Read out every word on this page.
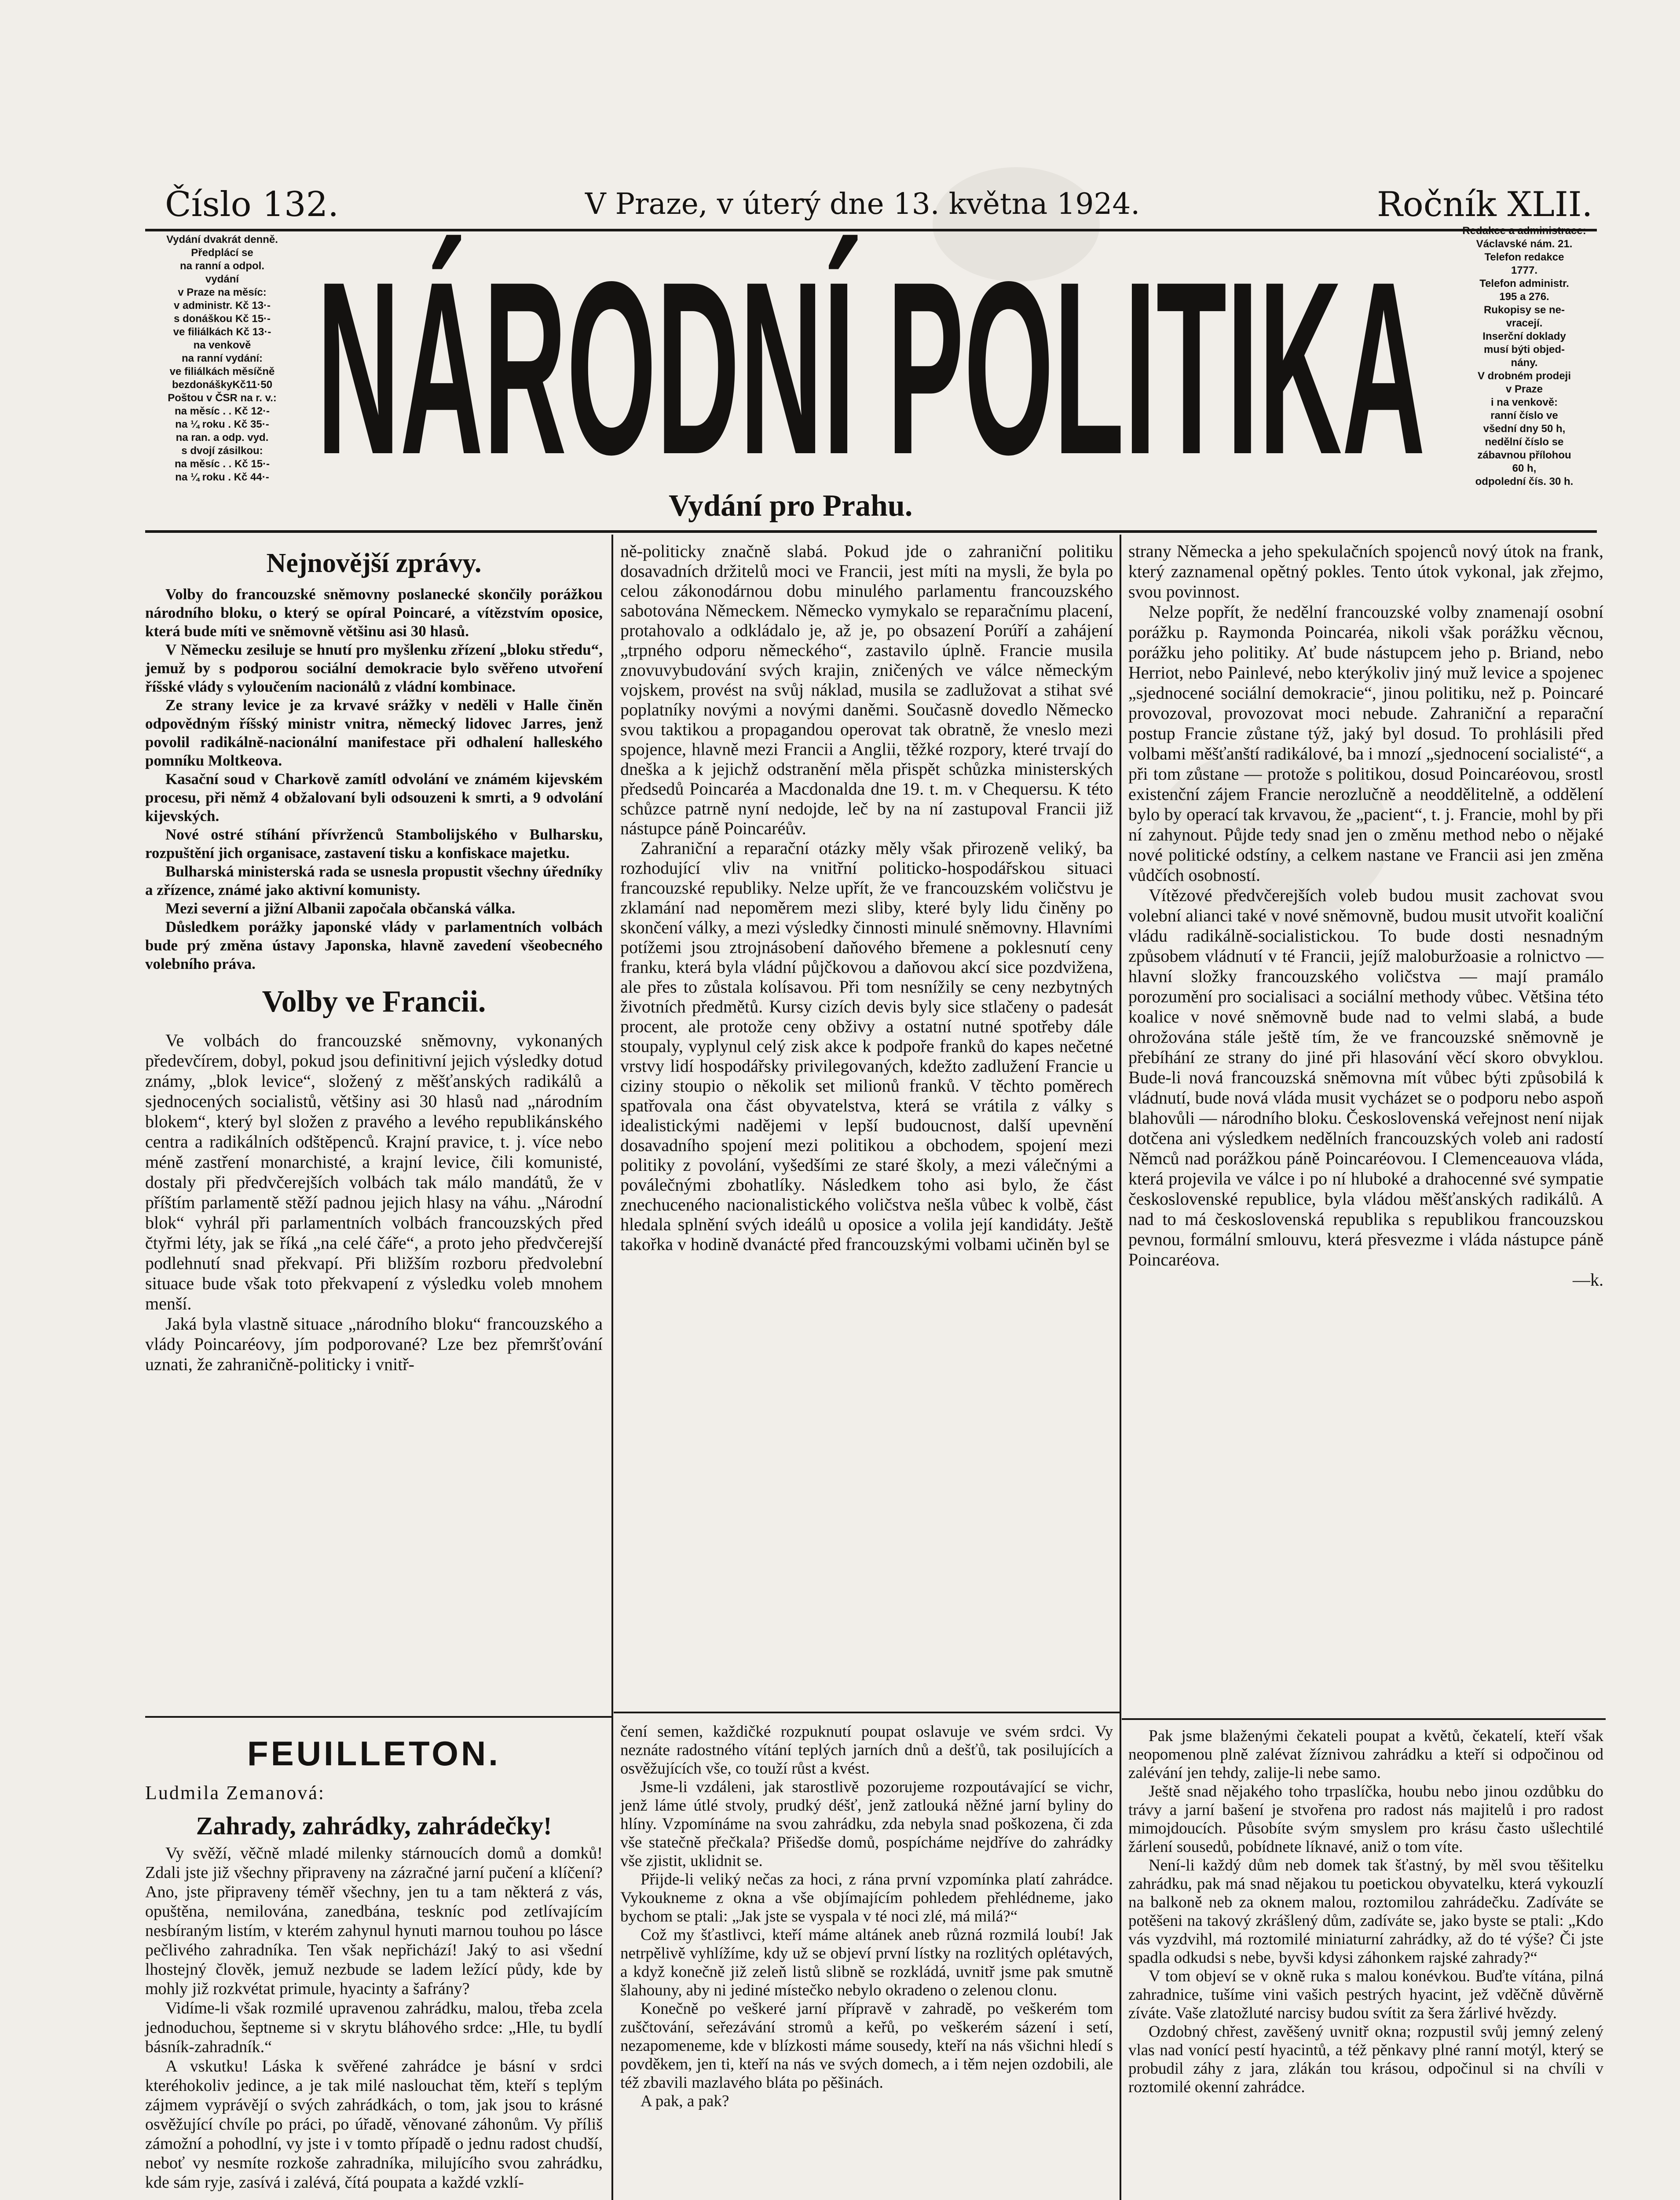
Číslo 132.	V Praze, v úterý dne 13. května 1924.	Ročník XLII.
Vydání dvakrát denně.
Předplácí se
na ranní a odpol.
vydání
v Praze na měsíc:
v administr. Kč 13·-
s donáškou Kč 15·-
ve filiálkách Kč 13·-
na venkově
na ranní vydání:
ve filiálkách měsíčně
bezdonáškyKč11·50
Poštou v ČSR na r. v.:
na měsíc . . Kč 12·-
na ¼ roku . Kč 35·-
na ran. a odp. vyd.
s dvojí zásilkou:
na měsíc . . Kč 15·-
na ¼ roku . Kč 44·- NÁRODNÍ POLITIKA
Vydání pro Prahu.
Redakce a administrace:
Václavské nám. 21.
Telefon redakce
1777.
Telefon administr.
195 a 276.
Rukopisy se ne-
vracejí.
Inserční doklady
musí býti objed-
nány.
V drobném prodeji
v Praze
i na venkově:
ranní číslo ve
všední dny 50 h,
nedělní číslo se
zábavnou přílohou
60 h,
odpolední čís. 30 h.
Nejnovější zprávy.

Volby do francouzské sněmovny poslanecké skončily porážkou národního bloku, o který se opíral Poincaré, a vítězstvím oposice, která bude míti ve sněmovně většinu asi 30 hlasů.

V Německu zesiluje se hnutí pro myšlenku zřízení „bloku středu“, jemuž by s podporou sociální demokracie bylo svěřeno utvoření říšské vlády s vyloučením nacionálů z vládní kombinace.

Ze strany levice je za krvavé srážky v neděli v Halle činěn odpovědným říšský ministr vnitra, německý lidovec Jarres, jenž povolil radikálně-nacionální manifestace při odhalení halleského pomníku Moltkeova.

Kasační soud v Charkově zamítl odvolání ve známém kijevském procesu, při němž 4 obžalovaní byli odsouzeni k smrti, a 9 odvolání kijevských.

Nové ostré stíhání přívrženců Stambolijského v Bulharsku, rozpuštění jich organisace, zastavení tisku a konfiskace majetku.

Bulharská ministerská rada se usnesla propustit všechny úředníky a zřízence, známé jako aktivní komunisty.

Mezi severní a jižní Albanii započala občanská válka.

Důsledkem porážky japonské vlády v parlamentních volbách bude prý změna ústavy Japonska, hlavně zavedení všeobecného volebního práva.

Volby ve Francii.

Ve volbách do francouzské sněmovny, vykonaných předevčírem, dobyl, pokud jsou definitivní jejich výsledky dotud známy, „blok levice“, složený z měšťanských radikálů a sjednocených socialistů, většiny asi 30 hlasů nad „národním blokem“, který byl složen z pravého a levého republikánského centra a radikálních odštěpenců. Krajní pravice, t. j. více nebo méně zastření monarchisté, a krajní levice, čili komunisté, dostaly při předvčerejších volbách tak málo mandátů, že v příštím parlamentě stěží padnou jejich hlasy na váhu. „Národní blok“ vyhrál při parlamentních volbách francouzských před čtyřmi léty, jak se říká „na celé čáře“, a proto jeho předvčerejší podlehnutí snad překvapí. Při bližším rozboru předvolební situace bude však toto překvapení z výsledku voleb mnohem menší.

Jaká byla vlastně situace „národního bloku“ francouzského a vlády Poincaréovy, jím podporované? Lze bez přemršťování uznati, že zahraničně-politicky i vnitř-

ně-politicky značně slabá. Pokud jde o zahraniční politiku dosavadních držitelů moci ve Francii, jest míti na mysli, že byla po celou zákonodárnou dobu minulého parlamentu francouzského sabotována Německem. Německo vymykalo se reparačnímu placení, protahovalo a odkládalo je, až je, po obsazení Porúří a zahájení „trpného odporu německého“, zastavilo úplně. Francie musila znovuvybudování svých krajin, zničených ve válce německým vojskem, provést na svůj náklad, musila se zadlužovat a stihat své poplatníky novými a novými daněmi. Současně dovedlo Německo svou taktikou a propagandou operovat tak obratně, že vneslo mezi spojence, hlavně mezi Francii a Anglii, těžké rozpory, které trvají do dneška a k jejichž odstranění měla přispět schůzka ministerských předsedů Poincaréa a Macdonalda dne 19. t. m. v Chequersu. K této schůzce patrně nyní nedojde, leč by na ní zastupoval Francii již nástupce páně Poincaréův.

Zahraniční a reparační otázky měly však přirozeně veliký, ba rozhodující vliv na vnitřní politicko-hospodářskou situaci francouzské republiky. Nelze upřít, že ve francouzském voličstvu je zklamání nad nepoměrem mezi sliby, které byly lidu činěny po skončení války, a mezi výsledky činnosti minulé sněmovny. Hlavními potížemi jsou ztrojnásobení daňového břemene a poklesnutí ceny franku, která byla vládní půjčkovou a daňovou akcí sice pozdvižena, ale přes to zůstala kolísavou. Při tom nesnížily se ceny nezbytných životních předmětů. Kursy cizích devis byly sice stlačeny o padesát procent, ale protože ceny obživy a ostatní nutné spotřeby dále stoupaly, vyplynul celý zisk akce k podpoře franků do kapes nečetné vrstvy lidí hospodářsky privilegovaných, kdežto zadlužení Francie u ciziny stoupio o několik set milionů franků. V těchto poměrech spatřovala ona část obyvatelstva, která se vrátila z války s idealistickými nadějemi v lepší budoucnost, další upevnění dosavadního spojení mezi politikou a obchodem, spojení mezi politiky z povolání, vyšedšími ze staré školy, a mezi válečnými a poválečnými zbohatlíky. Následkem toho asi bylo, že část znechuceného nacionalistického voličstva nešla vůbec k volbě, část hledala splnění svých ideálů u oposice a volila její kandidáty. Ještě takořka v hodině dvanácté před francouzskými volbami učiněn byl se

strany Německa a jeho spekulačních spojenců nový útok na frank, který zaznamenal opětný pokles. Tento útok vykonal, jak zřejmo, svou povinnost.

Nelze popřít, že nedělní francouzské volby znamenají osobní porážku p. Raymonda Poincaréa, nikoli však porážku věcnou, porážku jeho politiky. Ať bude nástupcem jeho p. Briand, nebo Herriot, nebo Painlevé, nebo kterýkoliv jiný muž levice a spojenec „sjednocené sociální demokracie“, jinou politiku, než p. Poincaré provozoval, provozovat moci nebude. Zahraniční a reparační postup Francie zůstane týž, jaký byl dosud. To prohlásili před volbami měšťanští radikálové, ba i mnozí „sjednocení socialisté“, a při tom zůstane — protože s politikou, dosud Poincaréovou, srostl existenční zájem Francie nerozlučně a neoddělitelně, a oddělení bylo by operací tak krvavou, že „pacient“, t. j. Francie, mohl by při ní zahynout. Půjde tedy snad jen o změnu method nebo o nějaké nové politické odstíny, a celkem nastane ve Francii asi jen změna vůdčích osobností.

Vítězové předvčerejších voleb budou musit zachovat svou volební alianci také v nové sněmovně, budou musit utvořit koaliční vládu radikálně-socialistickou. To bude dosti nesnadným způsobem vládnutí v té Francii, jejíž maloburžoasie a rolnictvo — hlavní složky francouzského voličstva — mají pramálo porozumění pro socialisaci a sociální methody vůbec. Většina této koalice v nové sněmovně bude nad to velmi slabá, a bude ohrožována stále ještě tím, že ve francouzské sněmovně je přebíhání ze strany do jiné při hlasování věcí skoro obvyklou. Bude-li nová francouzská sněmovna mít vůbec býti způsobilá k vládnutí, bude nová vláda musit vycházet se o podporu nebo aspoň blahovůli — národního bloku. Československá veřejnost není nijak dotčena ani výsledkem nedělních francouzských voleb ani radostí Němců nad porážkou páně Poincaréovou. I Clemenceauova vláda, která projevila ve válce i po ní hluboké a drahocenné své sympatie československé republice, byla vládou měšťanských radikálů. A nad to má československá republika s republikou francouzskou pevnou, formální smlouvu, která přesvezme i vláda nástupce páně Poincaréova.

—k.

FEUILLETON.
Ludmila Zemanová:
Zahrady, zahrádky, zahrádečky!

Vy svěží, věčně mladé milenky stárnoucích domů a domků! Zdali jste již všechny připraveny na zázračné jarní pučení a klíčení? Ano, jste připraveny téměř všechny, jen tu a tam některá z vás, opuštěna, nemilována, zanedbána, teskníc pod zetlívajícím nesbíraným listím, v kterém zahynul hynuti marnou touhou po lásce pečlivého zahradníka. Ten však nepřichází! Jaký to asi všední lhostejný člověk, jemuž nezbude se ladem ležící půdy, kde by mohly již rozkvétat primule, hyacinty a šafrány?

Vidíme-li však rozmilé upravenou zahrádku, malou, třeba zcela jednoduchou, šeptneme si v skrytu bláhového srdce: „Hle, tu bydlí básník-zahradník.“

A vskutku! Láska k svěřené zahrádce je básní v srdci kteréhokoliv jedince, a je tak milé naslouchat těm, kteří s teplým zájmem vyprávějí o svých zahrádkách, o tom, jak jsou to krásné osvěžující chvíle po práci, po úřadě, věnované záhonům. Vy příliš zámožní a pohodlní, vy jste i v tomto případě o jednu radost chudší, neboť vy nesmíte rozkoše zahradníka, milujícího svou zahrádku, kde sám ryje, zasívá i zalévá, čítá poupata a každé vzklí-

čení semen, každičké rozpuknutí poupat oslavuje ve svém srdci. Vy neznáte radostného vítání teplých jarních dnů a dešťů, tak posilujících a osvěžujících vše, co touží růst a kvést.

Jsme-li vzdáleni, jak starostlivě pozorujeme rozpoutávající se vichr, jenž láme útlé stvoly, prudký déšť, jenž zatlouká něžné jarní byliny do hlíny. Vzpomínáme na svou zahrádku, zda nebyla snad poškozena, či zda vše statečně přečkala? Přišedše domů, pospícháme nejdříve do zahrádky vše zjistit, uklidnit se.

Přijde-li veliký nečas za hoci, z rána první vzpomínka platí zahrádce. Vykoukneme z okna a vše objímajícím pohledem přehlédneme, jako bychom se ptali: „Jak jste se vyspala v té noci zlé, má milá?“

Což my šťastlivci, kteří máme altánek aneb různá rozmilá loubí! Jak netrpělivě vyhlížíme, kdy už se objeví první lístky na rozlitých oplétavých, a když konečně již zeleň listů slibně se rozkládá, uvnitř jsme pak smutně šlahouny, aby ni jediné místečko nebylo okradeno o zelenou clonu.

Konečně po veškeré jarní přípravě v zahradě, po veškerém tom zuščtování, seřezávání stromů a keřů, po veškerém sázení i setí, nezapomeneme, kde v blízkosti máme sousedy, kteří na nás všichni hledí s povděkem, jen ti, kteří na nás ve svých domech, a i těm nejen ozdobili, ale též zbavili mazlavého bláta po pěšinách.

A pak, a pak?

Pak jsme blaženými čekateli poupat a květů, čekatelí, kteří však neopomenou plně zalévat žíznivou zahrádku a kteří si odpočinou od zalévání jen tehdy, zalije-li nebe samo.

Ještě snad nějakého toho trpaslíčka, houbu nebo jinou ozdůbku do trávy a jarní bašení je stvořena pro radost nás majitelů i pro radost mimojdoucích. Působíte svým smyslem pro krásu často ušlechtilé žárlení sousedů, pobídnete líknavé, aniž o tom víte.

Není-li každý dům neb domek tak šťastný, by měl svou těšitelku zahrádku, pak má snad nějakou tu poetickou obyvatelku, která vykouzlí na balkoně neb za oknem malou, roztomilou zahrádečku. Zadíváte se potěšeni na takový zkrášlený dům, zadíváte se, jako byste se ptali: „Kdo vás vyzdvihl, má roztomilé miniaturní zahrádky, až do té výše? Či jste spadla odkudsi s nebe, byvši kdysi záhonkem rajské zahrady?“

V tom objeví se v okně ruka s malou konévkou. Buďte vítána, pilná zahradnice, tušíme vini vašich pestrých hyacint, jež vděčně důvěrně zíváte. Vaše zlatožluté narcisy budou svítit za šera žárlivé hvězdy.

Ozdobný chřest, zavěšený uvnitř okna; rozpustil svůj jemný zelený vlas nad vonící pestí hyacintů, a též pěnkavy plné ranní motýl, který se probudil záhy z jara, zlákán tou krásou, odpočinul si na chvíli v roztomilé okenní zahrádce.
